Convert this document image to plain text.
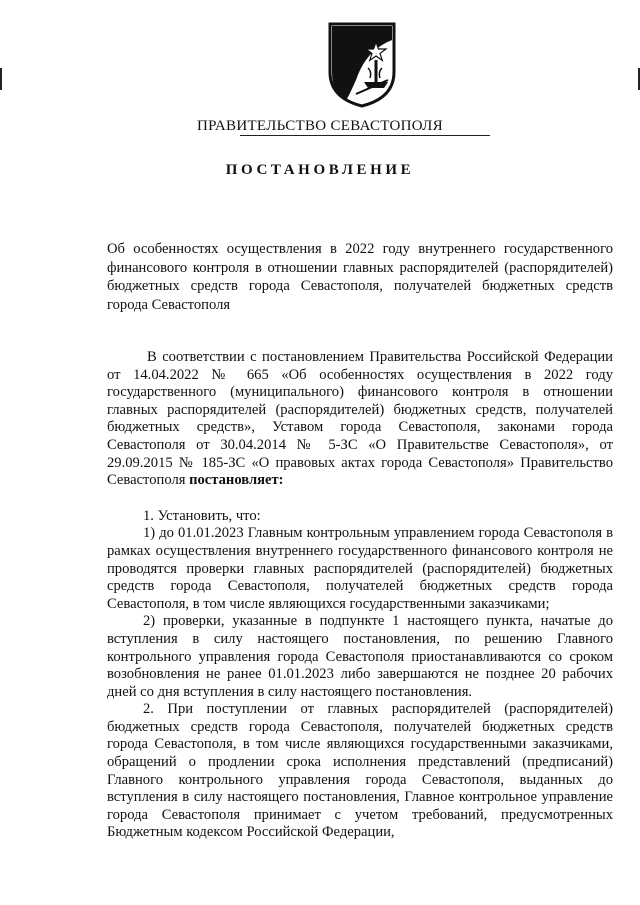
ПРАВИТЕЛЬСТВО СЕВАСТОПОЛЯ
ПОСТАНОВЛЕНИЕ
Об особенностях осуществления в 2022 году внутреннего государственного финансового контроля в отношении главных распорядителей (распорядителей) бюджетных средств города Севастополя, получателей бюджетных средств города Севастополя

В соответствии с постановлением Правительства Российской Федерации от 14.04.2022 № 665 «Об особенностях осуществления в 2022 году государственного (муниципального) финансового контроля в отношении главных распорядителей (распорядителей) бюджетных средств, получателей бюджетных средств», Уставом города Севастополя, законами города Севастополя от 30.04.2014 № 5-ЗС «О Правительстве Севастополя», от 29.09.2015 № 185-ЗС «О правовых актах города Севастополя» Правительство Севастополя постановляет:

1. Установить, что:

1) до 01.01.2023 Главным контрольным управлением города Севастополя в рамках осуществления внутреннего государственного финансового контроля не проводятся проверки главных распорядителей (распорядителей) бюджетных средств города Севастополя, получателей бюджетных средств города Севастополя, в том числе являющихся государственными заказчиками;

2) проверки, указанные в подпункте 1 настоящего пункта, начатые до вступления в силу настоящего постановления, по решению Главного контрольного управления города Севастополя приостанавливаются со сроком возобновления не ранее 01.01.2023 либо завершаются не позднее 20 рабочих дней со дня вступления в силу настоящего постановления.

2. При поступлении от главных распорядителей (распорядителей) бюджетных средств города Севастополя, получателей бюджетных средств города Севастополя, в том числе являющихся государственными заказчиками, обращений о продлении срока исполнения представлений (предписаний) Главного контрольного управления города Севастополя, выданных до вступления в силу настоящего постановления, Главное контрольное управление города Севастополя принимает с учетом требований, предусмотренных Бюджетным кодексом Российской Федерации,
